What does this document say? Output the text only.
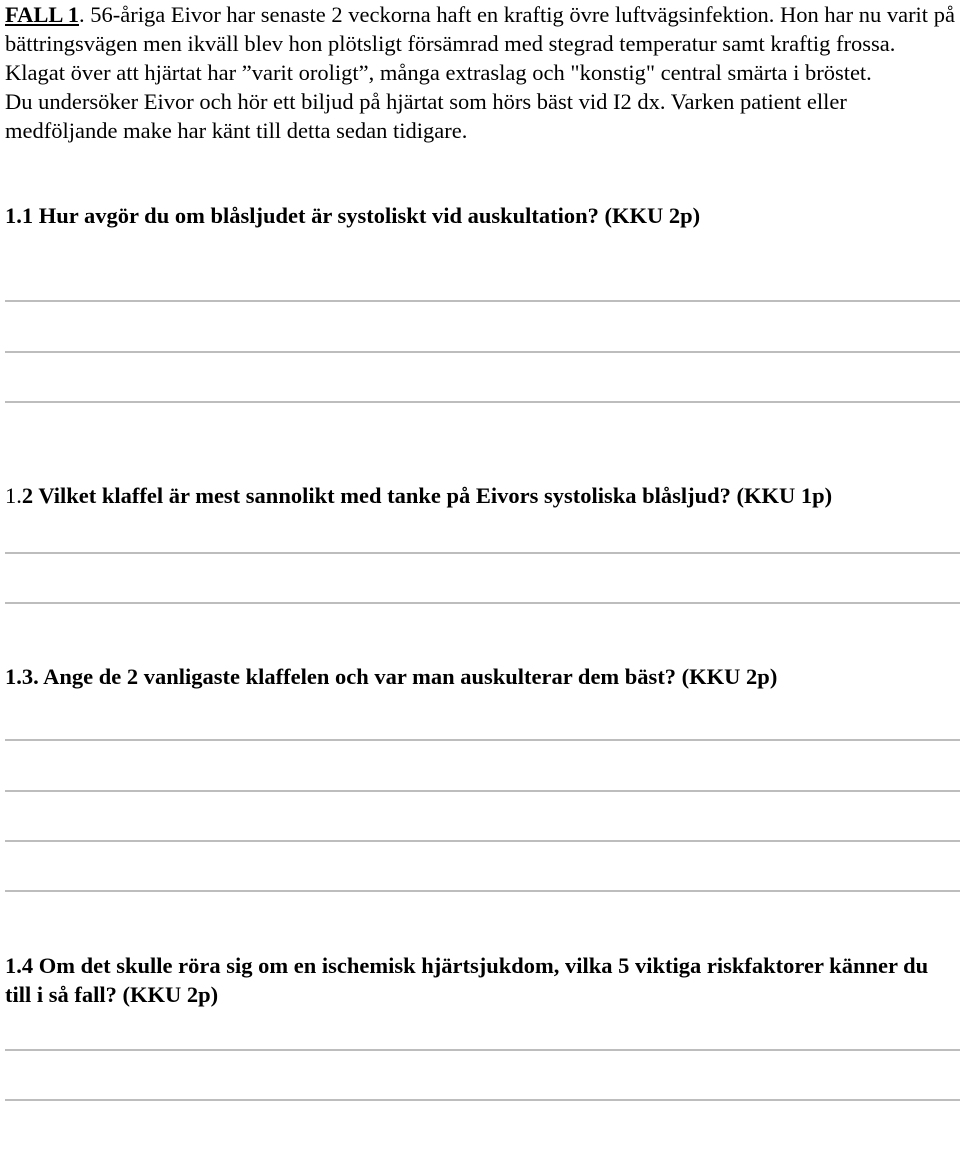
FALL 1. 56-åriga Eivor har senaste 2 veckorna haft en kraftig övre luftvägsinfektion. Hon har nu varit på bättringsvägen men ikväll blev hon plötsligt försämrad med stegrad temperatur samt kraftig frossa. Klagat över att hjärtat har ”varit oroligt”, många extraslag och "konstig" central smärta i bröstet.

Du undersöker Eivor och hör ett biljud på hjärtat som hörs bäst vid I2 dx. Varken patient eller medföljande make har känt till detta sedan tidigare.

1.1 Hur avgör du om blåsljudet är systoliskt vid auskultation? (KKU 2p)

1.2 Vilket klaffel är mest sannolikt med tanke på Eivors systoliska blåsljud? (KKU 1p)

1.3. Ange de 2 vanligaste klaffelen och var man auskulterar dem bäst? (KKU 2p)

1.4 Om det skulle röra sig om en ischemisk hjärtsjukdom, vilka 5 viktiga riskfaktorer känner du till i så fall? (KKU 2p)
